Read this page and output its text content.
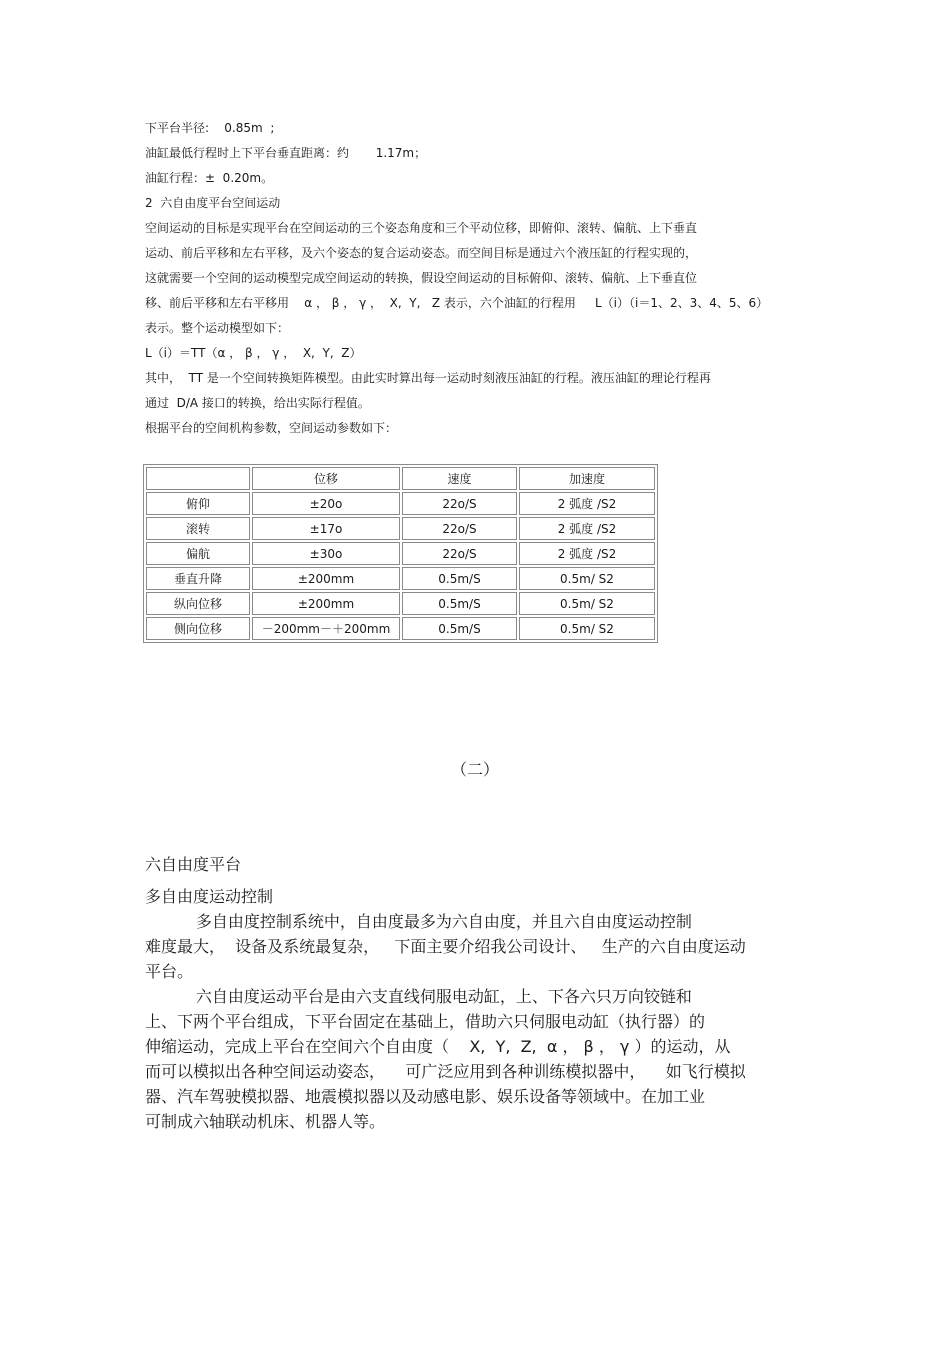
下平台半径:    0.85m  ;
油缸最低行程时上下平台垂直距离：约       1.17m；
油缸行程：±  0.20m。
2  六自由度平台空间运动
空间运动的目标是实现平台在空间运动的三个姿态角度和三个平动位移，即俯仰、滚转、偏航、上下垂直
运动、前后平移和左右平移，及六个姿态的复合运动姿态。而空间目标是通过六个液压缸的行程实现的，
这就需要一个空间的运动模型完成空间运动的转换，假设空间运动的目标俯仰、滚转、偏航、上下垂直位
移、前后平移和左右平移用    α ， β ， γ ，  X,  Y,   Z 表示，六个油缸的行程用     L（i）（i＝1、2、3、4、5、6）
表示。整个运动模型如下：
L（i）＝TT（α ， β ， γ ，  X,  Y,  Z）
其中，  TT 是一个空间转换矩阵模型。由此实时算出每一运动时刻液压油缸的行程。液压油缸的理论行程再
通过  D/A 接口的转换，给出实际行程值。
根据平台的空间机构参数，空间运动参数如下：
	位移	速度	加速度
俯仰	±20o	22o/S	2 弧度 /S2
滚转	±17o	22o/S	2 弧度 /S2
偏航	±30o	22o/S	2 弧度 /S2
垂直升降	±200mm	0.5m/S	0.5m/ S2
纵向位移	±200mm	0.5m/S	0.5m/ S2
侧向位移	－200mm－＋200mm	0.5m/S	0.5m/ S2
（二）
六自由度平台
多自由度运动控制
多自由度控制系统中，自由度最多为六自由度，并且六自由度运动控制
难度最大，  设备及系统最复杂，   下面主要介绍我公司设计、   生产的六自由度运动
平台。
六自由度运动平台是由六支直线伺服电动缸，上、下各六只万向铰链和
上、下两个平台组成，下平台固定在基础上，借助六只伺服电动缸（执行器）的
伸缩运动，完成上平台在空间六个自由度（    X,  Y,  Z,  α ， β ， γ ）的运动，从
而可以模拟出各种空间运动姿态，    可广泛应用到各种训练模拟器中，    如飞行模拟
器、汽车驾驶模拟器、地震模拟器以及动感电影、娱乐设备等领域中。在加工业
可制成六轴联动机床、机器人等。
